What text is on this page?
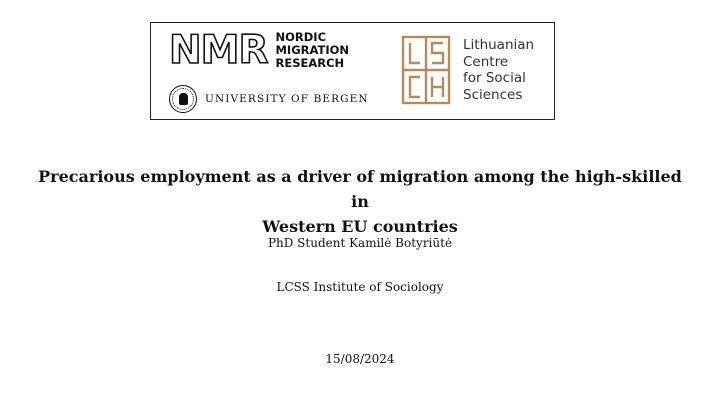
NMR NORDIC
MIGRATION
RESEARCH
UNIVERSITY OF BERGEN
Lithuanian
Centre
for Social
Sciences
Precarious employment as a driver of migration among the high-skilled in
Western EU countries
PhD Student Kamilė Botyriūtė
LCSS Institute of Sociology
15/08/2024
